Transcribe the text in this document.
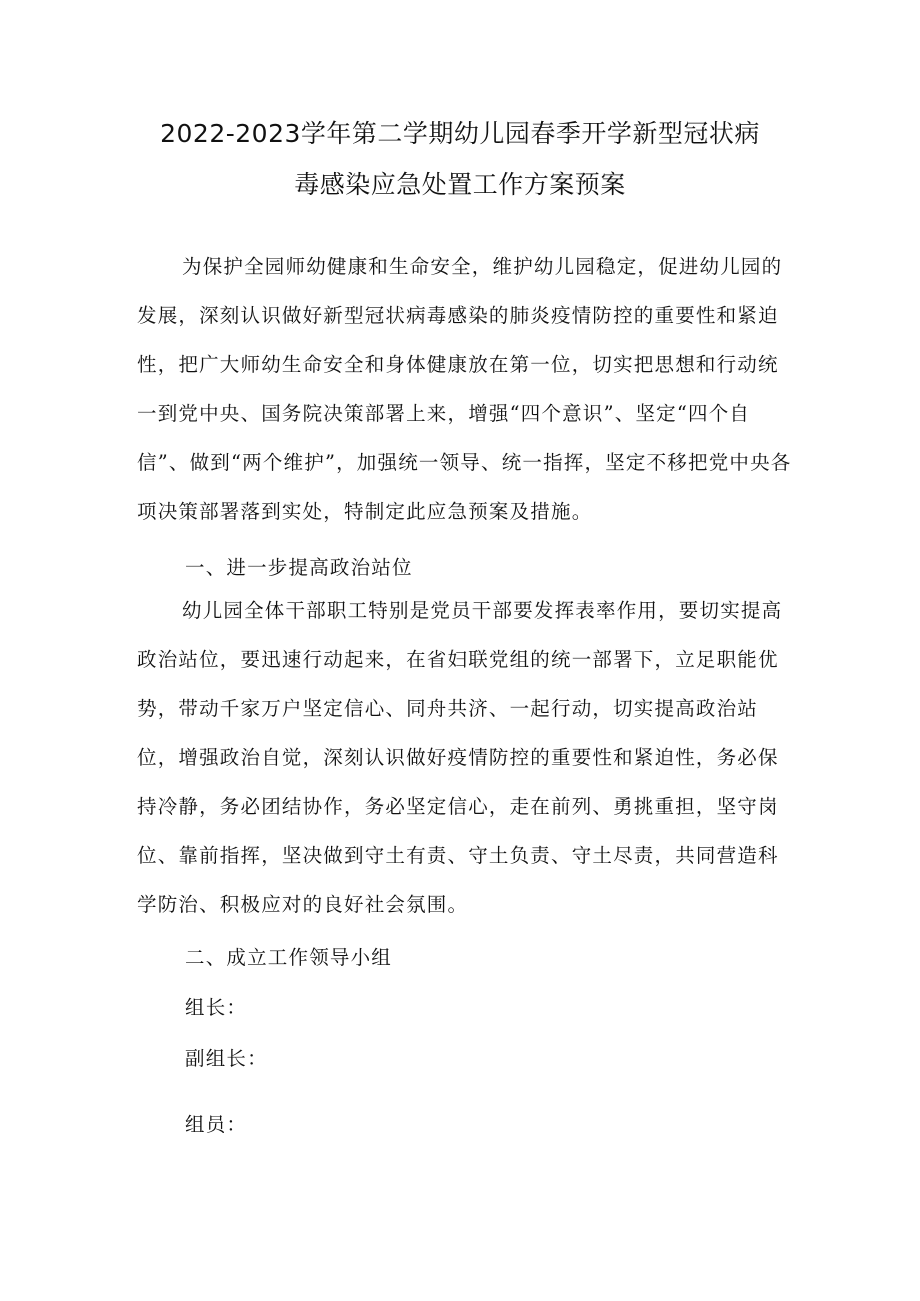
2022-2023学年第二学期幼儿园春季开学新型冠状病
毒感染应急处置工作方案预案
为保护全园师幼健康和生命安全，维护幼儿园稳定，促进幼儿园的发展，深刻认识做好新型冠状病毒感染的肺炎疫情防控的重要性和紧迫性，把广大师幼生命安全和身体健康放在第一位，切实把思想和行动统一到党中央、国务院决策部署上来，增强“四个意识”、坚定“四个自信”、做到“两个维护”，加强统一领导、统一指挥，坚定不移把党中央各项决策部署落到实处，特制定此应急预案及措施。
一、进一步提高政治站位
幼儿园全体干部职工特别是党员干部要发挥表率作用，要切实提高政治站位，要迅速行动起来，在省妇联党组的统一部署下，立足职能优势，带动千家万户坚定信心、同舟共济、一起行动，切实提高政治站位，增强政治自觉，深刻认识做好疫情防控的重要性和紧迫性，务必保持冷静，务必团结协作，务必坚定信心，走在前列、勇挑重担，坚守岗位、靠前指挥，坚决做到守土有责、守土负责、守土尽责，共同营造科学防治、积极应对的良好社会氛围。
二、成立工作领导小组
组长：
副组长：
组员：
